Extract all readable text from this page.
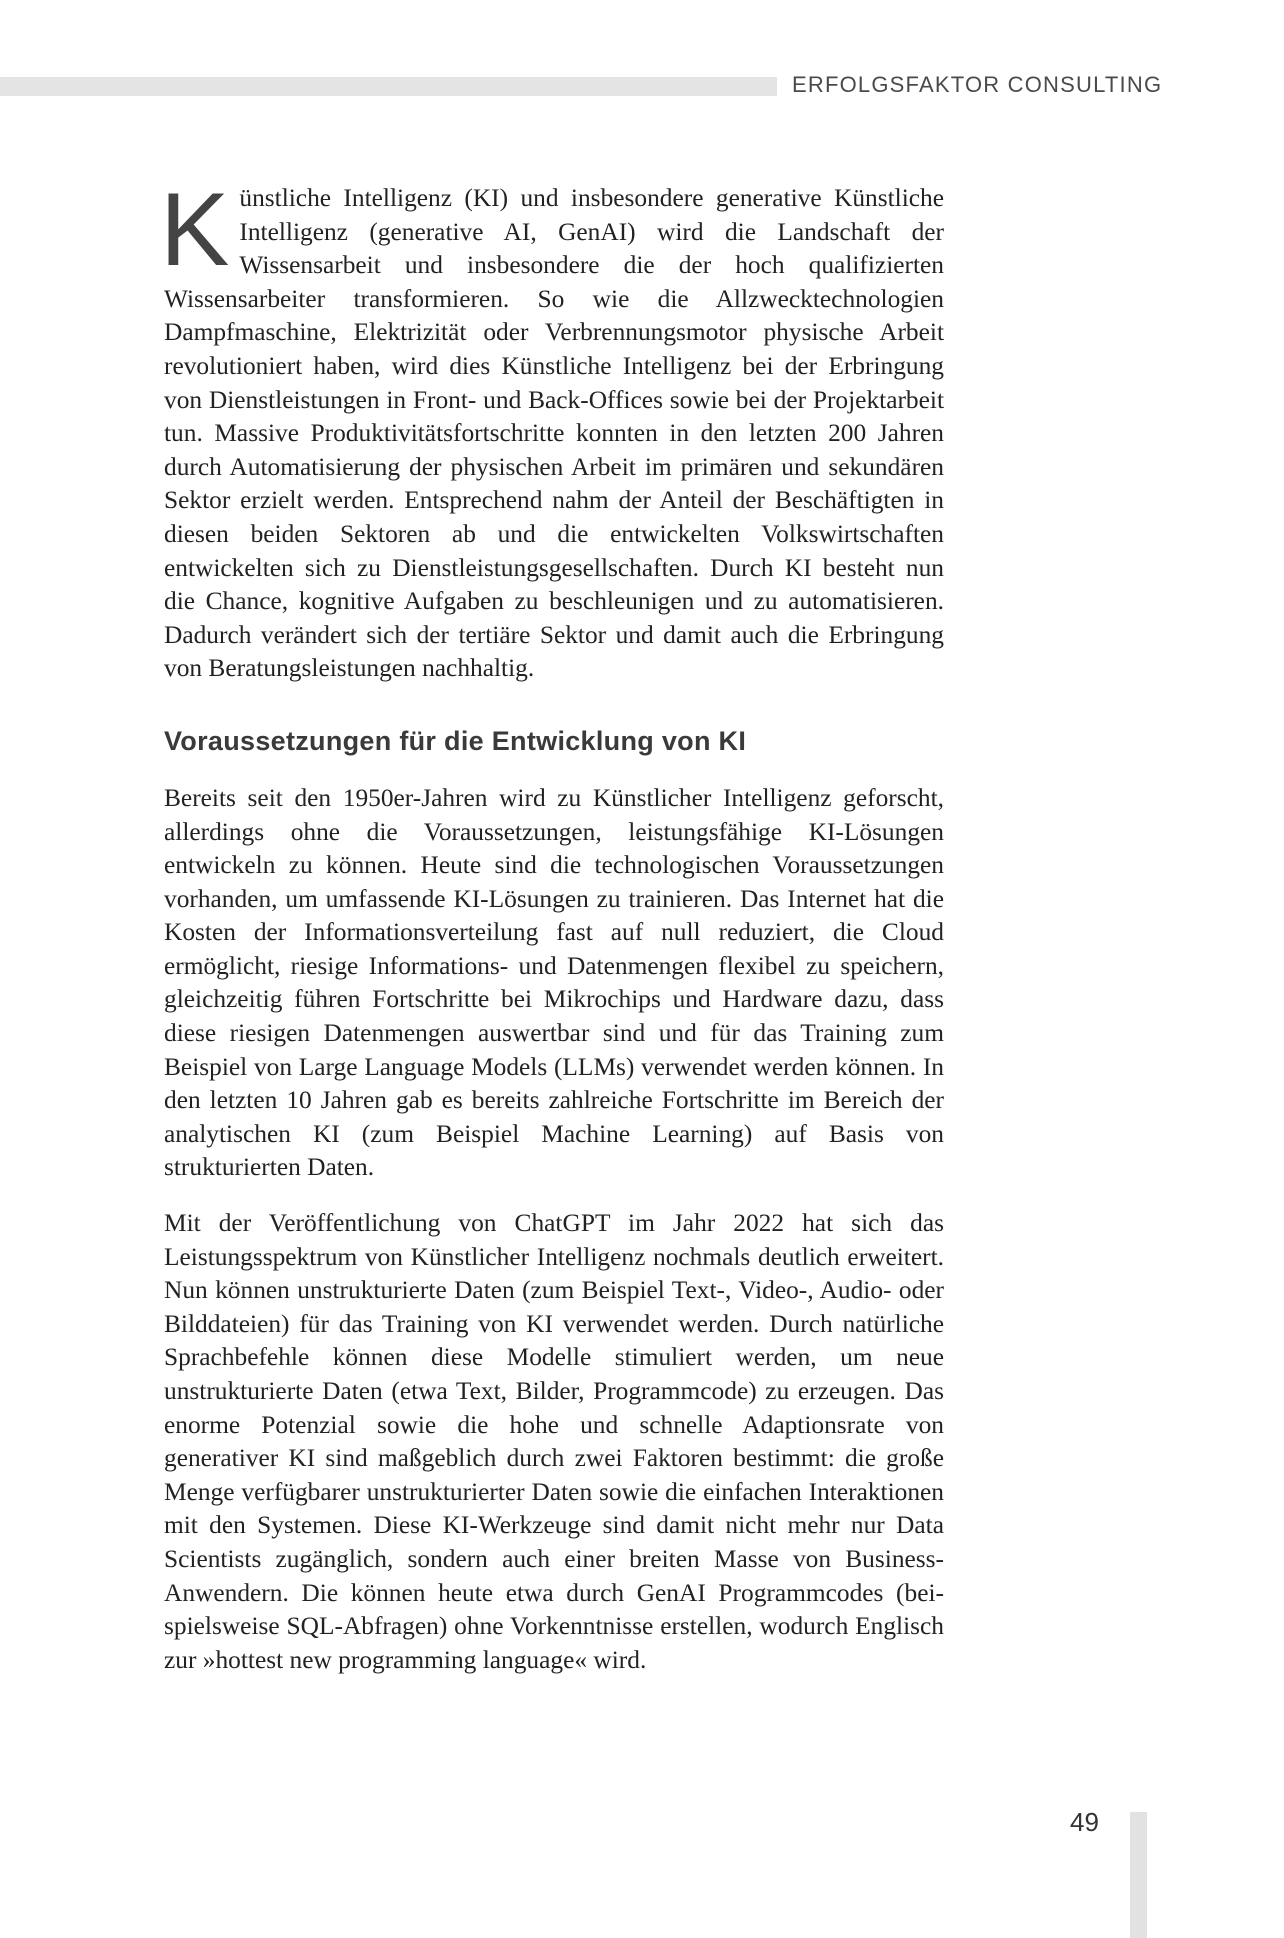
ERFOLGSFAKTOR CONSULTING

Künstliche Intelligenz (KI) und insbesondere generative Künstliche Intelligenz (generative AI, GenAI) wird die Landschaft der Wissensarbeit und insbesondere die der hoch qualifizierten Wissensarbeiter transformieren. So wie die Allzwecktechnologien Dampfmaschine, Elektrizität oder Verbrennungsmotor physische Arbeit revolutioniert haben, wird dies Künstliche Intelligenz bei der Erbringung von Dienstleistungen in Front- und Back-Offices sowie bei der Projektarbeit tun. Massive Produktivitätsfortschritte konnten in den letzten 200 Jahren durch Automatisierung der physischen Arbeit im primären und sekundären Sektor erzielt werden. Entsprechend nahm der Anteil der Beschäftigten in diesen beiden Sektoren ab und die entwickelten Volkswirtschaften entwickelten sich zu Dienstleistungsgesellschaften. Durch KI besteht nun die Chance, kognitive Aufgaben zu beschleunigen und zu automatisieren. Dadurch verändert sich der tertiäre Sektor und damit auch die Erbringung von Beratungsleistungen nachhaltig.

Voraussetzungen für die Entwicklung von KI

Bereits seit den 1950er-Jahren wird zu Künstlicher Intelligenz geforscht, allerdings ohne die Voraussetzungen, leistungsfähige KI-Lösungen entwickeln zu können. Heute sind die technologischen Voraussetzungen vorhanden, um umfassende KI-Lösungen zu trainieren. Das Internet hat die Kosten der Informationsverteilung fast auf null reduziert, die Cloud ermöglicht, riesige Informations- und Datenmengen flexibel zu speichern, gleichzeitig führen Fortschritte bei Mikrochips und Hardware dazu, dass diese riesigen Datenmengen auswertbar sind und für das Training zum Beispiel von Large Language Models (LLMs) verwendet werden können. In den letzten 10 Jahren gab es bereits zahlreiche Fortschritte im Bereich der analytischen KI (zum Beispiel Machine Learning) auf Basis von strukturierten Daten.

Mit der Veröffentlichung von ChatGPT im Jahr 2022 hat sich das Leistungsspektrum von Künstlicher Intelligenz nochmals deutlich erweitert. Nun können unstrukturierte Daten (zum Beispiel Text-, Video-, Audio- oder Bilddateien) für das Training von KI verwendet werden. Durch natürliche Sprachbefehle können diese Modelle stimuliert werden, um neue unstrukturierte Daten (etwa Text, Bilder, Programmcode) zu erzeugen. Das enorme Potenzial sowie die hohe und schnelle Adaptionsrate von generativer KI sind maßgeblich durch zwei Faktoren bestimmt: die große Menge verfügbarer unstrukturierter Daten sowie die einfachen Interaktionen mit den Systemen. Diese KI-Werkzeuge sind damit nicht mehr nur Data Scientists zugänglich, sondern auch einer breiten Masse von Business-Anwendern. Die können heute etwa durch GenAI Programmcodes (beispielsweise SQL-Abfragen) ohne Vorkenntnisse erstellen, wodurch Englisch zur »hottest new programming language« wird.

49
